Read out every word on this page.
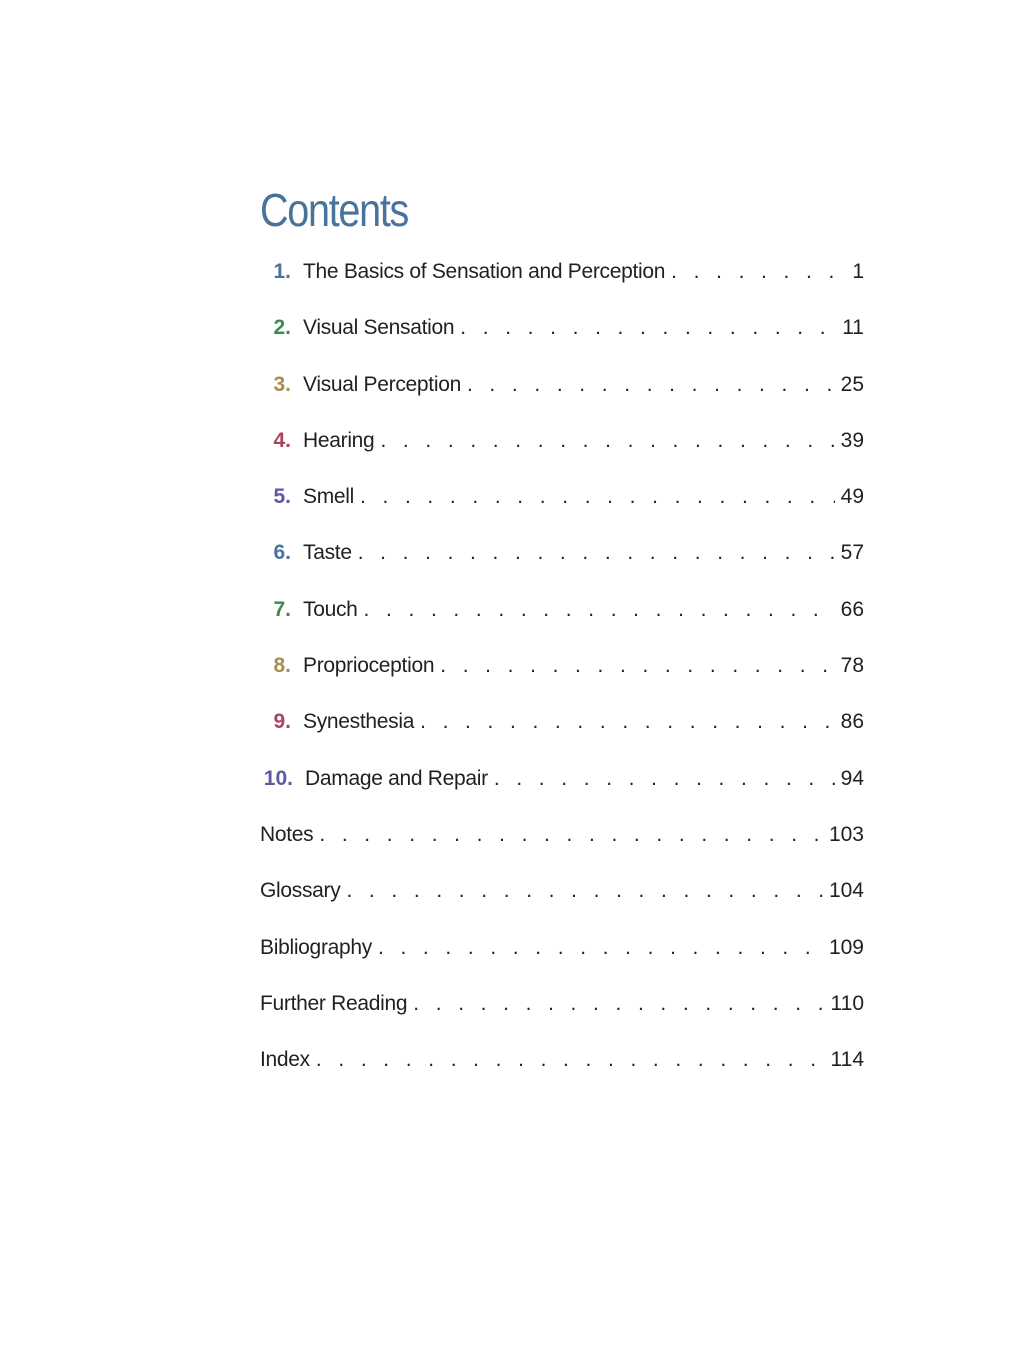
Contents
1. The Basics of Sensation and Perception . . .	1
2. Visual Sensation . . .	11
3. Visual Perception . . .	25
4. Hearing . . .	39
5. Smell . . .	49
6. Taste . . .	57
7. Touch . . .	66
8. Proprioception . . .	78
9. Synesthesia . . .	86
10. Damage and Repair . . .	94
Notes . . .	103
Glossary . . .	104
Bibliography . . .	109
Further Reading . . .	110
Index . . .	114
